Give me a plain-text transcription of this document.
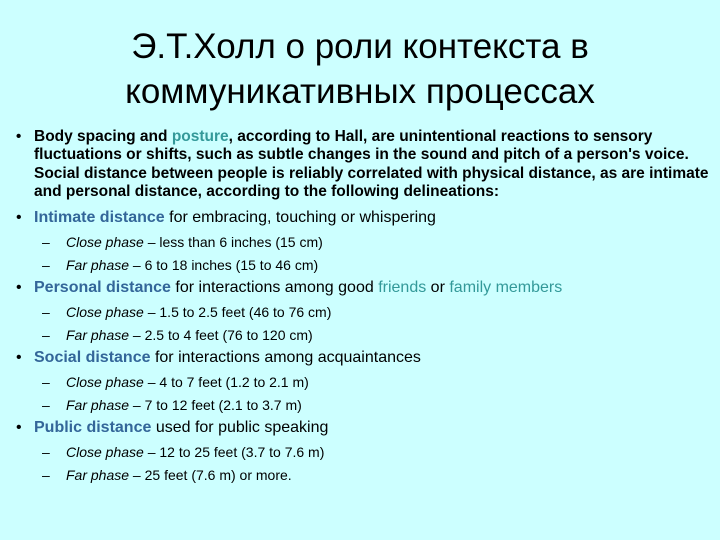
Э.Т.Холл о роли контекста в
коммуникативных процессах

• Body spacing and posture, according to Hall, are unintentional reactions to sensory fluctuations or shifts, such as subtle changes in the sound and pitch of a person's voice. Social distance between people is reliably correlated with physical distance, as are intimate and personal distance, according to the following delineations:

• Intimate distance for embracing, touching or whispering
– Close phase – less than 6 inches (15 cm)
– Far phase – 6 to 18 inches (15 to 46 cm)
• Personal distance for interactions among good friends or family members
– Close phase – 1.5 to 2.5 feet (46 to 76 cm)
– Far phase – 2.5 to 4 feet (76 to 120 cm)
• Social distance for interactions among acquaintances
– Close phase – 4 to 7 feet (1.2 to 2.1 m)
– Far phase – 7 to 12 feet (2.1 to 3.7 m)
• Public distance used for public speaking
– Close phase – 12 to 25 feet (3.7 to 7.6 m)
– Far phase – 25 feet (7.6 m) or more.
